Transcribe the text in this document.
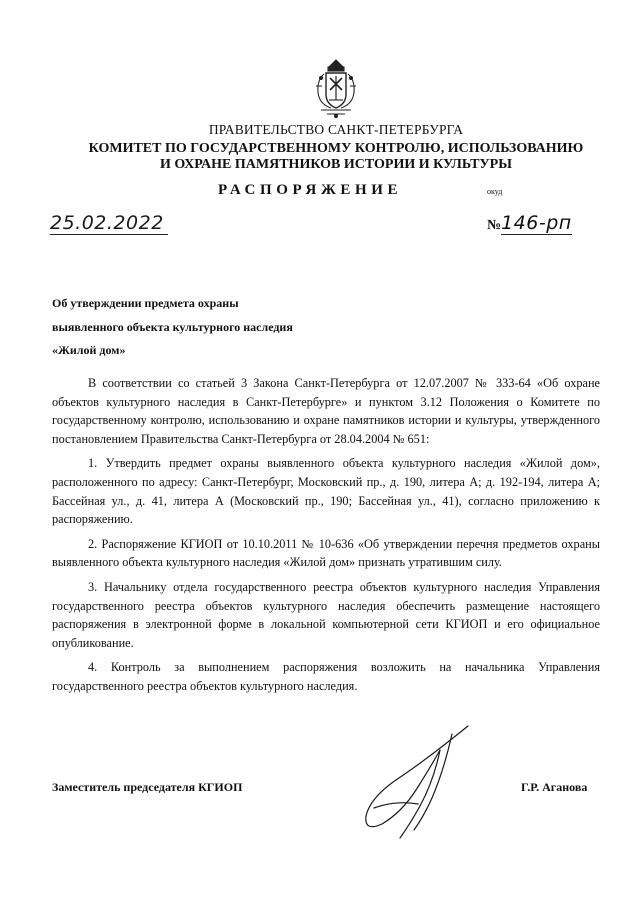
ПРАВИТЕЛЬСТВО САНКТ-ПЕТЕРБУРГА
КОМИТЕТ ПО ГОСУДАРСТВЕННОМУ КОНТРОЛЮ, ИСПОЛЬЗОВАНИЮ
И ОХРАНЕ ПАМЯТНИКОВ ИСТОРИИ И КУЛЬТУРЫ
РАСПОРЯЖЕНИЕ	окуд
25.02.2022	№146-рп
Об утверждении предмета охраны
выявленного объекта культурного наследия
«Жилой дом»

В соответствии со статьей 3 Закона Санкт-Петербурга от 12.07.2007 № 333-64 «Об охране объектов культурного наследия в Санкт-Петербурге» и пунктом 3.12 Положения о Комитете по государственному контролю, использованию и охране памятников истории и культуры, утвержденного постановлением Правительства Санкт-Петербурга от 28.04.2004 № 651:

1. Утвердить предмет охраны выявленного объекта культурного наследия «Жилой дом», расположенного по адресу: Санкт-Петербург, Московский пр., д. 190, литера А; д. 192-194, литера А; Бассейная ул., д. 41, литера А (Московский пр., 190; Бассейная ул., 41), согласно приложению к распоряжению.

2. Распоряжение КГИОП от 10.10.2011 № 10-636 «Об утверждении перечня предметов охраны выявленного объекта культурного наследия «Жилой дом» признать утратившим силу.

3. Начальнику отдела государственного реестра объектов культурного наследия Управления государственного реестра объектов культурного наследия обеспечить размещение настоящего распоряжения в электронной форме в локальной компьютерной сети КГИОП и его официальное опубликование.

4. Контроль за выполнением распоряжения возложить на начальника Управления государственного реестра объектов культурного наследия.

Заместитель председателя КГИОП	Г.Р. Аганова
